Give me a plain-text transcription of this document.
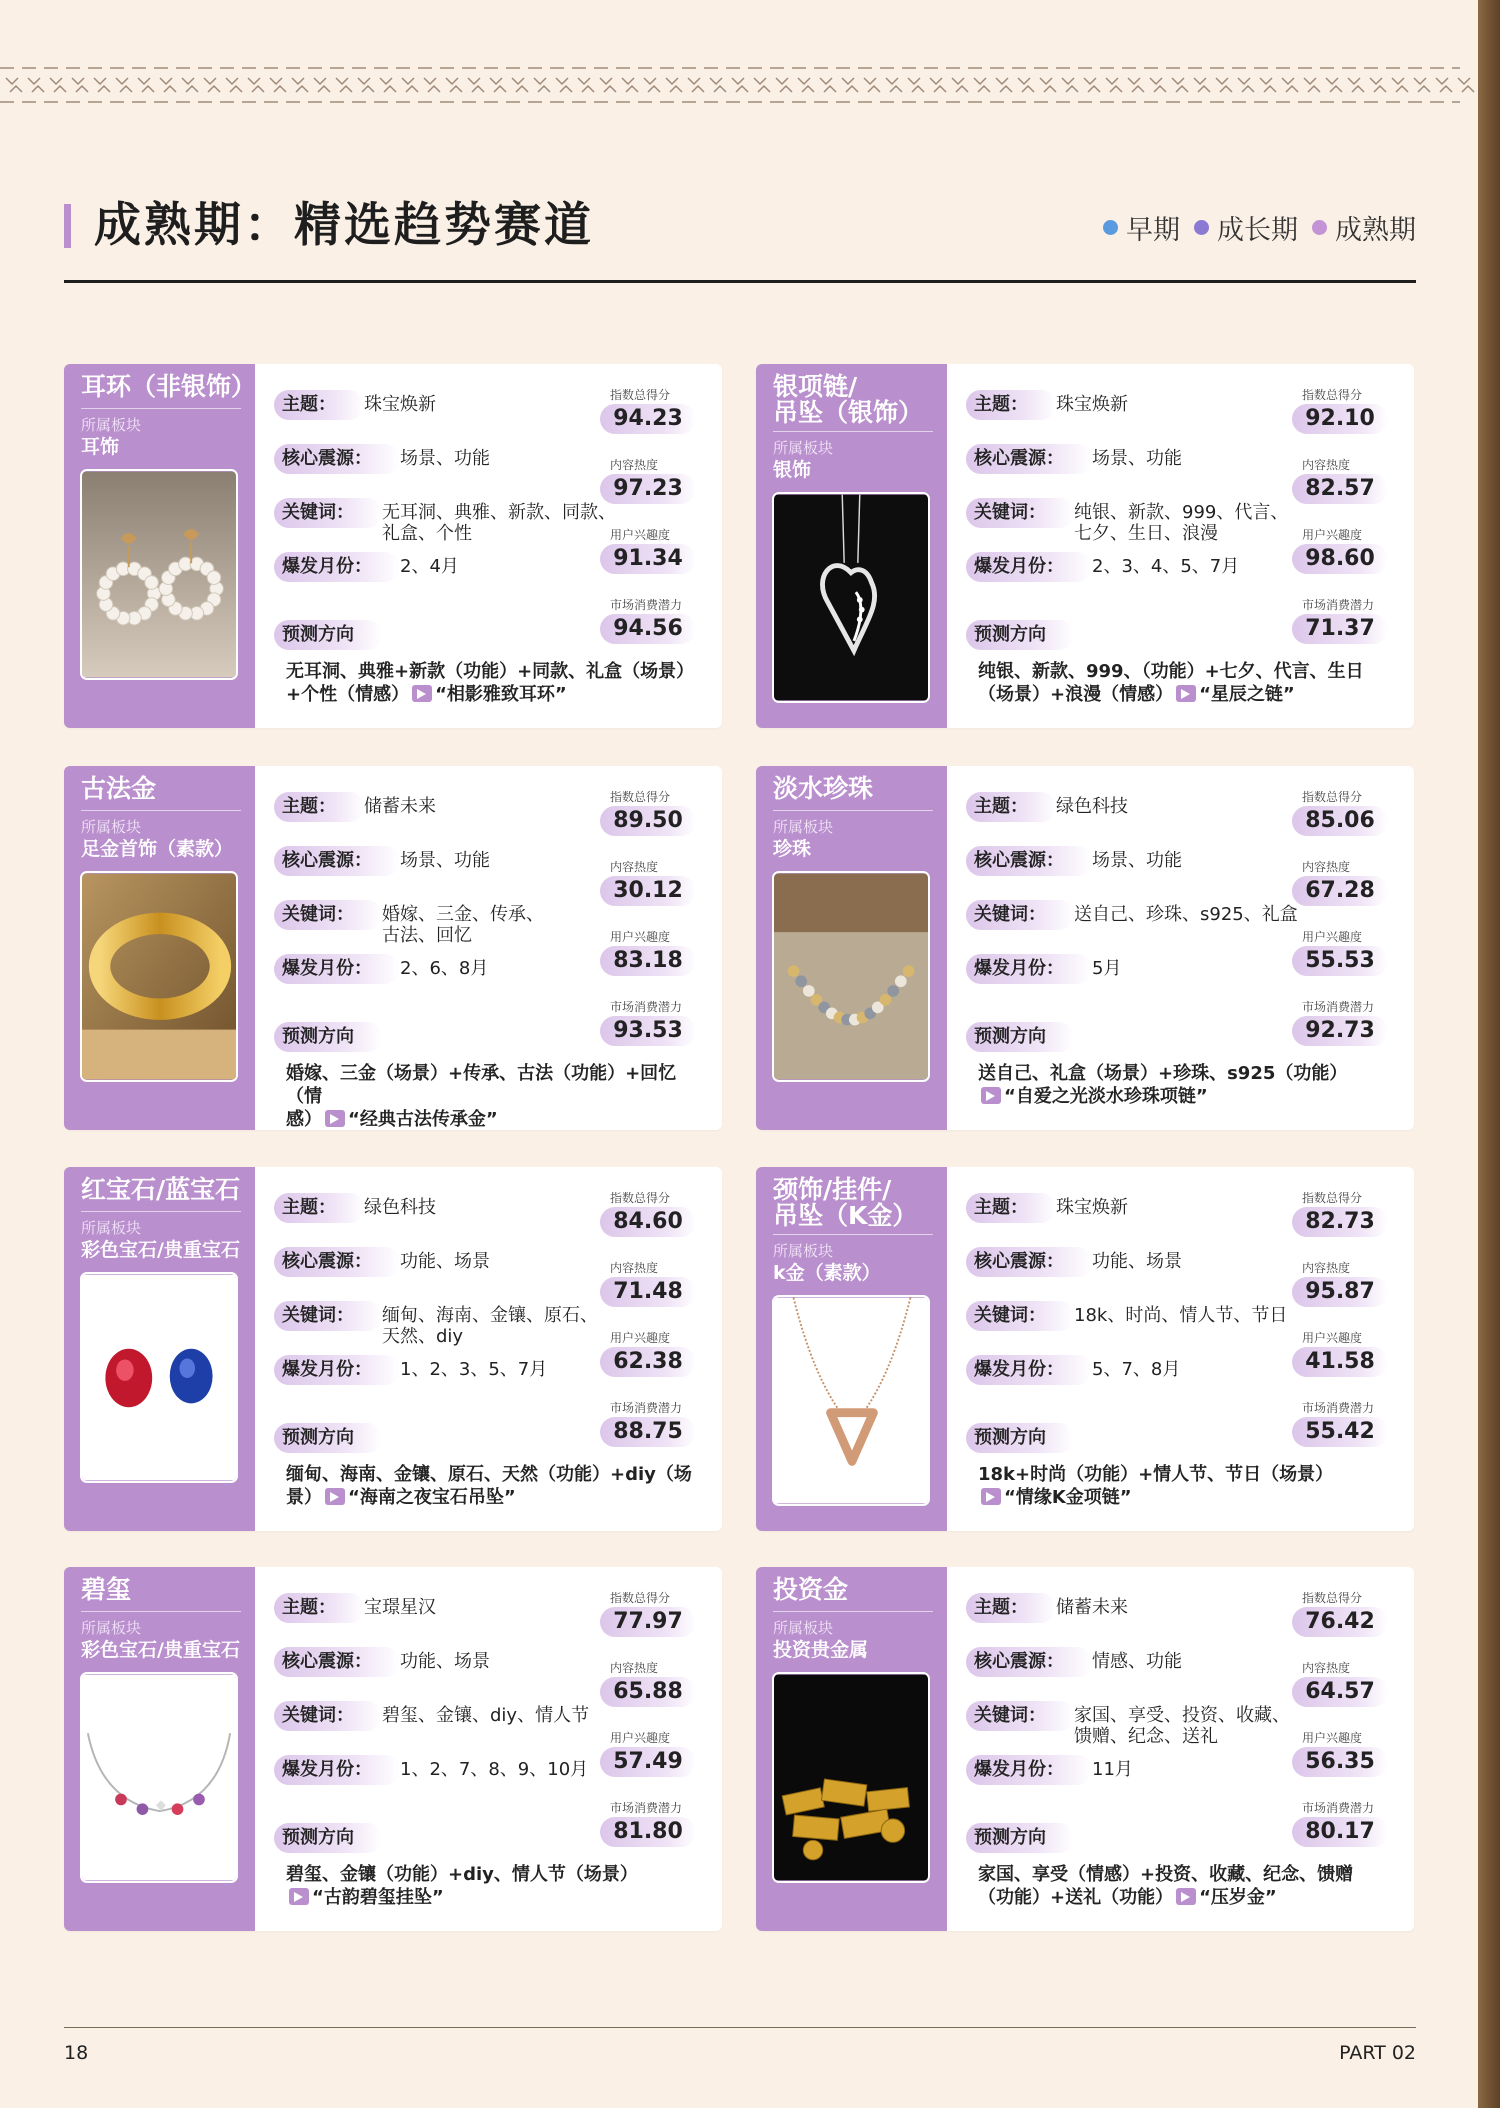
成熟期：精选趋势赛道	早期 成长期 成熟期
耳环（非银饰）
所属板块
耳饰
主题： 珠宝焕新
核心震源： 场景、功能
关键词：	无耳洞、典雅、新款、同款、
礼盒、个性
爆发月份： 2、4月
预测方向
指数总得分
94.23
内容热度
97.23
用户兴趣度
91.34
市场消费潜力
94.56
无耳洞、典雅+新款（功能）+同款、礼盒（场景）
+个性（情感） “相影雅致耳环”
银项链/
吊坠（银饰）
所属板块
银饰
主题： 珠宝焕新
核心震源： 场景、功能
关键词：	纯银、新款、999、代言、
七夕、生日、浪漫
爆发月份： 2、3、4、5、7月
预测方向
指数总得分
92.10
内容热度
82.57
用户兴趣度
98.60
市场消费潜力
71.37
纯银、新款、999、（功能）+七夕、代言、生日
（场景）+浪漫（情感） “星辰之链”
古法金
所属板块
足金首饰（素款）
主题： 储蓄未来
核心震源： 场景、功能
关键词：	婚嫁、三金、传承、
古法、回忆
爆发月份： 2、6、8月
预测方向
指数总得分
89.50
内容热度
30.12
用户兴趣度
83.18
市场消费潜力
93.53
婚嫁、三金（场景）+传承、古法（功能）+回忆（情
感） “经典古法传承金”
淡水珍珠
所属板块
珍珠
主题： 绿色科技
核心震源： 场景、功能
关键词：	送自己、珍珠、s925、礼盒
爆发月份： 5月
预测方向
指数总得分
85.06
内容热度
67.28
用户兴趣度
55.53
市场消费潜力
92.73
送自己、礼盒（场景）+珍珠、s925（功能）
“自爱之光淡水珍珠项链”
红宝石/蓝宝石
所属板块
彩色宝石/贵重宝石
主题： 绿色科技
核心震源： 功能、场景
关键词：	缅甸、海南、金镶、原石、
天然、diy
爆发月份： 1、2、3、5、7月
预测方向
指数总得分
84.60
内容热度
71.48
用户兴趣度
62.38
市场消费潜力
88.75
缅甸、海南、金镶、原石、天然（功能）+diy（场
景） “海南之夜宝石吊坠”
颈饰/挂件/
吊坠（K金）
所属板块
k金（素款）
主题： 珠宝焕新
核心震源： 功能、场景
关键词：	18k、时尚、情人节、节日
爆发月份： 5、7、8月
预测方向
指数总得分
82.73
内容热度
95.87
用户兴趣度
41.58
市场消费潜力
55.42
18k+时尚（功能）+情人节、节日（场景）
“情缘K金项链”
碧玺
所属板块
彩色宝石/贵重宝石
主题： 宝璟星汉
核心震源： 功能、场景
关键词：	碧玺、金镶、diy、情人节
爆发月份： 1、2、7、8、9、10月
预测方向
指数总得分
77.97
内容热度
65.88
用户兴趣度
57.49
市场消费潜力
81.80
碧玺、金镶（功能）+diy、情人节（场景）
“古韵碧玺挂坠”
投资金
所属板块
投资贵金属
主题： 储蓄未来
核心震源： 情感、功能
关键词：	家国、享受、投资、收藏、
馈赠、纪念、送礼
爆发月份： 11月
预测方向
指数总得分
76.42
内容热度
64.57
用户兴趣度
56.35
市场消费潜力
80.17
家国、享受（情感）+投资、收藏、纪念、馈赠
（功能）+送礼（功能） “压岁金”
18	PART 02
